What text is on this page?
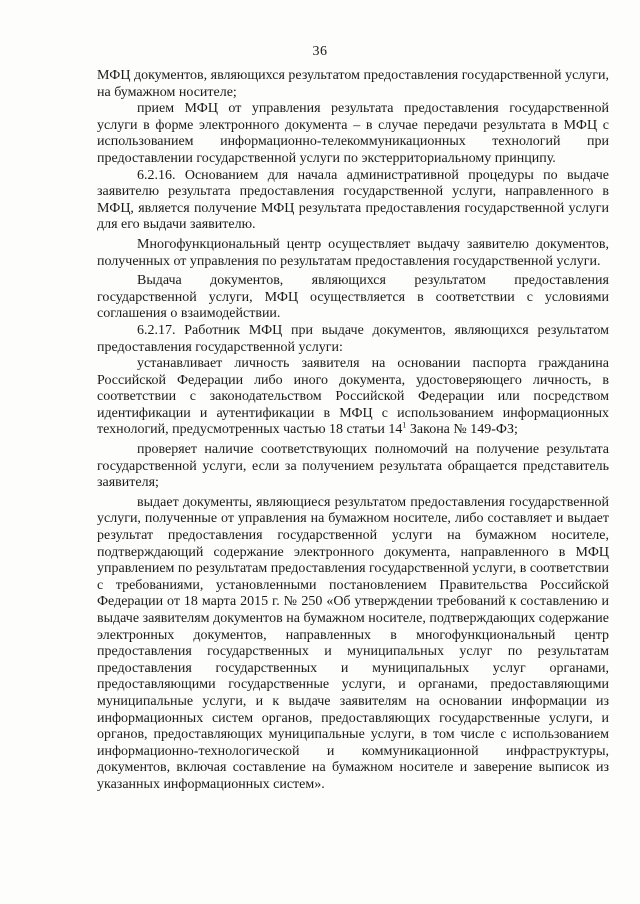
36

МФЦ документов, являющихся результатом предоставления государственной услуги, на бумажном носителе;

прием МФЦ от управления результата предоставления государственной услуги в форме электронного документа – в случае передачи результата в МФЦ с использованием информационно-телекоммуникационных технологий при предоставлении государственной услуги по экстерриториальному принципу.

6.2.16. Основанием для начала административной процедуры по выдаче заявителю результата предоставления государственной услуги, направленного в МФЦ, является получение МФЦ результата предоставления государственной услуги для его выдачи заявителю.

Многофункциональный центр осуществляет выдачу заявителю документов, полученных от управления по результатам предоставления государственной услуги.

Выдача документов, являющихся результатом предоставления государственной услуги, МФЦ осуществляется в соответствии с условиями соглашения о взаимодействии.

6.2.17. Работник МФЦ при выдаче документов, являющихся результатом предоставления государственной услуги:

устанавливает личность заявителя на основании паспорта гражданина Российской Федерации либо иного документа, удостоверяющего личность, в соответствии с законодательством Российской Федерации или посредством идентификации и аутентификации в МФЦ с использованием информационных технологий, предусмотренных частью 18 статьи $14^1$ Закона № 149-ФЗ;

проверяет наличие соответствующих полномочий на получение результата государственной услуги, если за получением результата обращается представитель заявителя;

выдает документы, являющиеся результатом предоставления государственной услуги, полученные от управления на бумажном носителе, либо составляет и выдает результат предоставления государственной услуги на бумажном носителе, подтверждающий содержание электронного документа, направленного в МФЦ управлением по результатам предоставления государственной услуги, в соответствии с требованиями, установленными постановлением Правительства Российской Федерации от 18 марта 2015 г. № 250 «Об утверждении требований к составлению и выдаче заявителям документов на бумажном носителе, подтверждающих содержание электронных документов, направленных в многофункциональный центр предоставления государственных и муниципальных услуг по результатам предоставления государственных и муниципальных услуг органами, предоставляющими государственные услуги, и органами, предоставляющими муниципальные услуги, и к выдаче заявителям на основании информации из информационных систем органов, предоставляющих государственные услуги, и органов, предоставляющих муниципальные услуги, в том числе с использованием информационно-технологической и коммуникационной инфраструктуры, документов, включая составление на бумажном носителе и заверение выписок из указанных информационных систем».
